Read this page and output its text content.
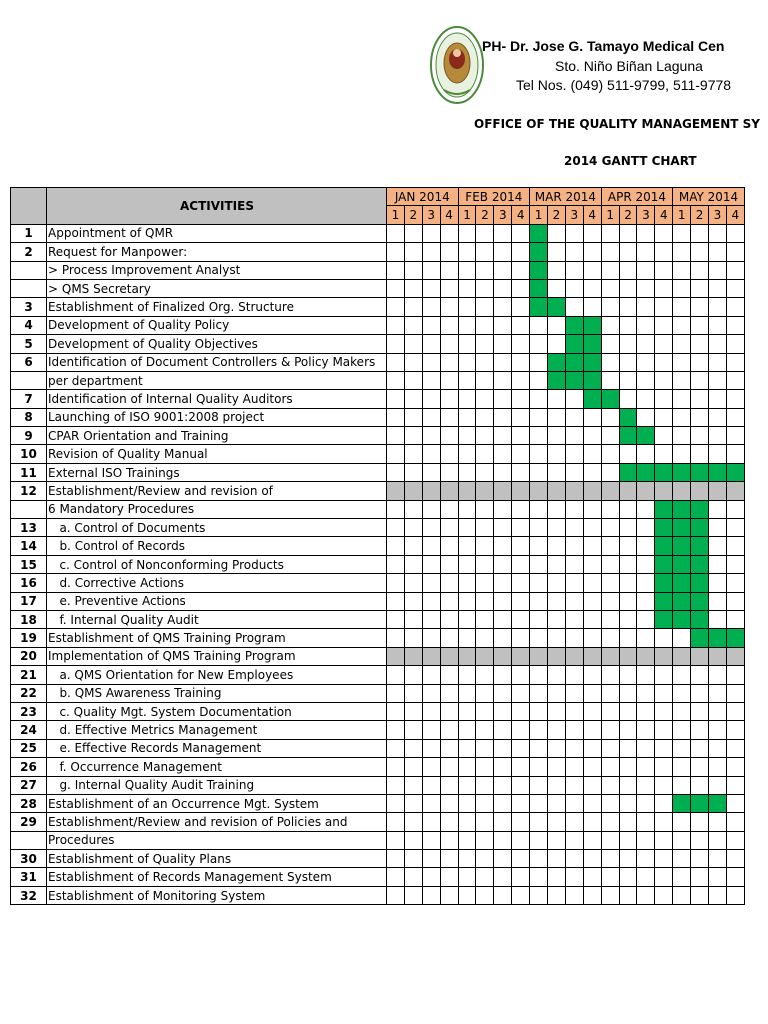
PH- Dr. Jose G. Tamayo Medical Cen
Sto. Niño Biñan Laguna
Tel Nos. (049) 511-9799, 511-9778
OFFICE OF THE QUALITY MANAGEMENT SY
2014 GANTT CHART
	ACTIVITIES	JAN 2014				FEB 2014				MAR 2014				APR 2014				MAY 2014			
		1	2	3	4	1	2	3	4	1	2	3	4	1	2	3	4	1	2	3	4
1	Appointment of QMR																				
2	Request for Manpower:																				
	> Process Improvement Analyst																				
	> QMS Secretary																				
3	Establishment of Finalized Org. Structure																				
4	Development of Quality Policy																				
5	Development of Quality Objectives																				
6	Identification of Document Controllers & Policy Makers																				
	per department																				
7	Identification of Internal Quality Auditors																				
8	Launching of ISO 9001:2008 project																				
9	CPAR Orientation and Training																				
10	Revision of Quality Manual																				
11	External ISO Trainings																				
12	Establishment/Review and revision of																				
	6 Mandatory Procedures																				
13	a. Control of Documents																				
14	b. Control of Records																				
15	c. Control of Nonconforming Products																				
16	d. Corrective Actions																				
17	e. Preventive Actions																				
18	f. Internal Quality Audit																				
19	Establishment of QMS Training Program																				
20	Implementation of QMS Training Program																				
21	a. QMS Orientation for New Employees																				
22	b. QMS Awareness Training																				
23	c. Quality Mgt. System Documentation																				
24	d. Effective Metrics Management																				
25	e. Effective Records Management																				
26	f. Occurrence Management																				
27	g. Internal Quality Audit Training																				
28	Establishment of an Occurrence Mgt. System																				
29	Establishment/Review and revision of Policies and																				
	Procedures																				
30	Establishment of Quality Plans																				
31	Establishment of Records Management System																				
32	Establishment of Monitoring System																				
